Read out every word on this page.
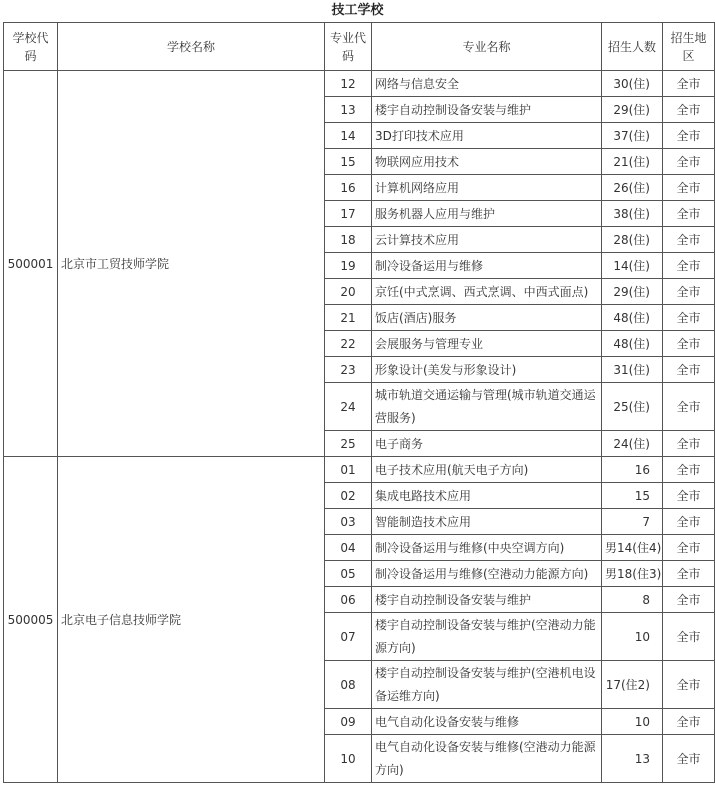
技工学校
学校代码	学校名称	专业代码	专业名称	招生人数	招生地区
500001	北京市工贸技师学院	12	网络与信息安全	30(住)	全市
		13	楼宇自动控制设备安装与维护	29(住)	全市
		14	3D打印技术应用	37(住)	全市
		15	物联网应用技术	21(住)	全市
		16	计算机网络应用	26(住)	全市
		17	服务机器人应用与维护	38(住)	全市
		18	云计算技术应用	28(住)	全市
		19	制冷设备运用与维修	14(住)	全市
		20	京饪(中式烹调、西式烹调、中西式面点)	29(住)	全市
		21	饭店(酒店)服务	48(住)	全市
		22	会展服务与管理专业	48(住)	全市
		23	形象设计(美发与形象设计)	31(住)	全市
		24	城市轨道交通运输与管理(城市轨道交通运营服务)	25(住)	全市
		25	电子商务	24(住)	全市
500005	北京电子信息技师学院	01	电子技术应用(航天电子方向)	16	全市
		02	集成电路技术应用	15	全市
		03	智能制造技术应用	7	全市
		04	制冷设备运用与维修(中央空调方向)	男14(住4)	全市
		05	制冷设备运用与维修(空港动力能源方向)	男18(住3)	全市
		06	楼宇自动控制设备安装与维护	8	全市
		07	楼宇自动控制设备安装与维护(空港动力能源方向)	10	全市
		08	楼宇自动控制设备安装与维护(空港机电设备运维方向)	17(住2)	全市
		09	电气自动化设备安装与维修	10	全市
		10	电气自动化设备安装与维修(空港动力能源方向)	13	全市
